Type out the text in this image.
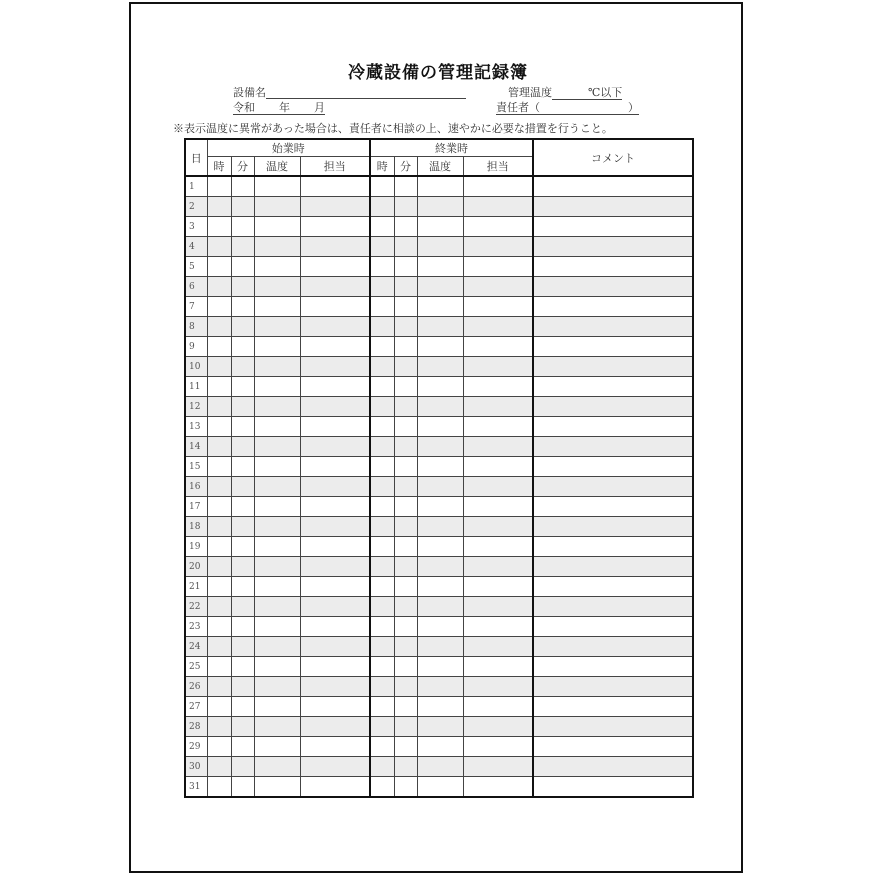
冷蔵設備の管理記録簿
設備名	管理温度	℃以下
令和 年 月	責任者（	）
※表示温度に異常があった場合は、責任者に相談の上、速やかに必要な措置を行うこと。
日	始業時				終業時				コメント
	時	分	温度	担当	時	分	温度	担当	
1									
2									
3									
4									
5									
6									
7									
8									
9									
10									
11									
12									
13									
14									
15									
16									
17									
18									
19									
20									
21									
22									
23									
24									
25									
26									
27									
28									
29									
30									
31									
